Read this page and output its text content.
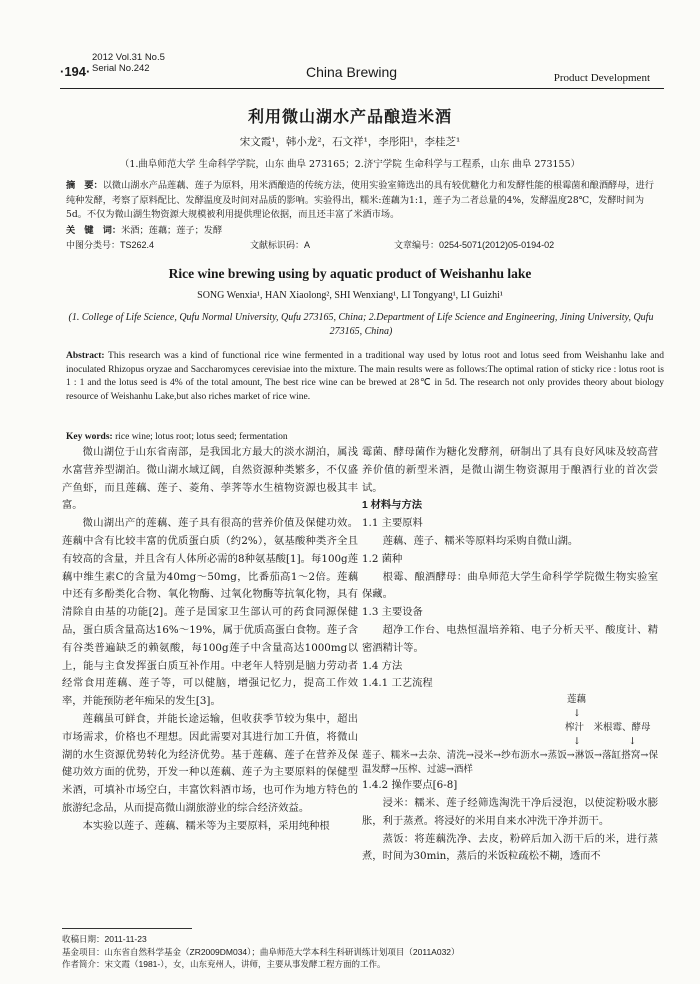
2012 Vol.31 No.5
Serial No.242
·194·	China Brewing	Product Development
利用微山湖水产品酿造米酒
宋文霞¹，韩小龙²，石文祥¹，李彤阳¹，李桂芝¹
（1.曲阜师范大学 生命科学学院，山东 曲阜 273165；2.济宁学院 生命科学与工程系，山东 曲阜 273155）
摘　要：以微山湖水产品莲藕、莲子为原料，用米酒酿造的传统方法，使用实验室筛选出的具有较优糖化力和发酵性能的根霉菌和酿酒酵母，进行纯种发酵，考察了原料配比、发酵温度及时间对品质的影响。实验得出，糯米:莲藕为1:1，莲子为二者总量的4%，发酵温度28℃，发酵时间为5d。不仅为微山湖生物资源大规模被利用提供理论依据，而且还丰富了米酒市场。
关　键　词：米酒；莲藕；莲子；发酵
中图分类号：TS262.4	文献标识码：A	文章编号：0254-5071(2012)05-0194-02
Rice wine brewing using by aquatic product of Weishanhu lake
SONG Wenxia¹, HAN Xiaolong², SHI Wenxiang¹, LI Tongyang¹, LI Guizhi¹
(1. College of Life Science, Qufu Normal University, Qufu 273165, China; 2.Department of Life Science and Engineering, Jining University, Qufu 273165, China)
Abstract: This research was a kind of functional rice wine fermented in a traditional way used by lotus root and lotus seed from Weishanhu lake and inoculated Rhizopus oryzae and Saccharomyces cerevisiae into the mixture. The main results were as follows:The optimal ration of sticky rice : lotus root is 1 : 1 and the lotus seed is 4% of the total amount, The best rice wine can be brewed at 28℃ in 5d. The research not only provides theory about biology resource of Weishanhu Lake,but also riches market of rice wine.
Key words: rice wine; lotus root; lotus seed; fermentation

微山湖位于山东省南部，是我国北方最大的淡水湖泊，属浅水富营养型湖泊。微山湖水域辽阔，自然资源种类繁多，不仅盛产鱼虾，而且莲藕、莲子、菱角、荸荠等水生植物资源也极其丰富。

微山湖出产的莲藕、莲子具有很高的营养价值及保健功效。莲藕中含有比较丰富的优质蛋白质（约2%），氨基酸种类齐全且有较高的含量，并且含有人体所必需的8种氨基酸[1]。每100g莲藕中维生素C的含量为40mg～50mg，比番茄高1～2倍。莲藕中还有多酚类化合物、氧化物酶、过氧化物酶等抗氧化物，具有清除自由基的功能[2]。莲子是国家卫生部认可的药食同源保健品，蛋白质含量高达16%～19%，属于优质高蛋白食物。莲子含有谷类普遍缺乏的赖氨酸，每100g莲子中含量高达1000mg以上，能与主食发挥蛋白质互补作用。中老年人特别是脑力劳动者经常食用莲藕、莲子等，可以健脑，增强记忆力，提高工作效率，并能预防老年痴呆的发生[3]。

莲藕虽可鲜食，并能长途运输，但收获季节较为集中，超出市场需求，价格也不理想。因此需要对其进行加工升值，将微山湖的水生资源优势转化为经济优势。基于莲藕、莲子在营养及保健功效方面的优势，开发一种以莲藕、莲子为主要原料的保健型米酒，可填补市场空白，丰富饮料酒市场，也可作为地方特色的旅游纪念品，从而提高微山湖旅游业的综合经济效益。

本实验以莲子、莲藕、糯米等为主要原料，采用纯种根

霉菌、酵母菌作为糖化发酵剂，研制出了具有良好风味及较高营养价值的新型米酒，是微山湖生物资源用于酿酒行业的首次尝试。

1 材料与方法

1.1 主要原料

莲藕、莲子、糯米等原料均采购自微山湖。

1.2 菌种

根霉、酿酒酵母：曲阜师范大学生命科学学院微生物实验室保藏。

1.3 主要设备

超净工作台、电热恒温培养箱、电子分析天平、酸度计、精密酒精计等。

1.4 方法

1.4.1 工艺流程

莲藕
↓
榨汁　米根霉、酵母
↓　　　　　↓
莲子、糯米→去杂、清洗→浸米→纱布沥水→蒸饭→淋饭→落缸搭窝→保温发酵→压榨、过滤→酒样

1.4.2 操作要点[6-8]

浸米：糯米、莲子经筛选淘洗干净后浸泡，以使淀粉吸水膨胀，利于蒸煮。将浸好的米用自来水冲洗干净并沥干。

蒸饭：将莲藕洗净、去皮，粉碎后加入沥干后的米，进行蒸煮，时间为30min，蒸后的米饭粒疏松不糊，透而不

收稿日期：2011-11-23
基金项目：山东省自然科学基金（ZR2009DM034）；曲阜师范大学本科生科研训练计划项目（2011A032）
作者简介：宋文霞（1981-），女，山东兖州人，讲师，主要从事发酵工程方面的工作。
